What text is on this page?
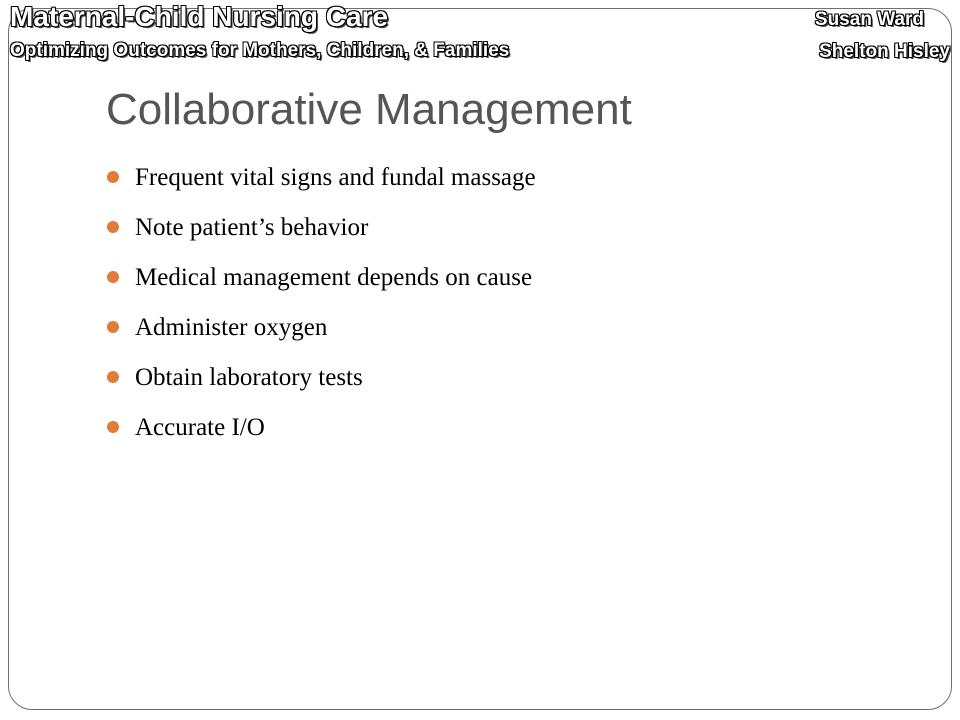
Maternal-Child Nursing Care
Optimizing Outcomes for Mothers, Children, & Families
Susan Ward
Shelton Hisley
Collaborative Management
Frequent vital signs and fundal massage
Note patient’s behavior
Medical management depends on cause
Administer oxygen
Obtain laboratory tests
Accurate I/O
